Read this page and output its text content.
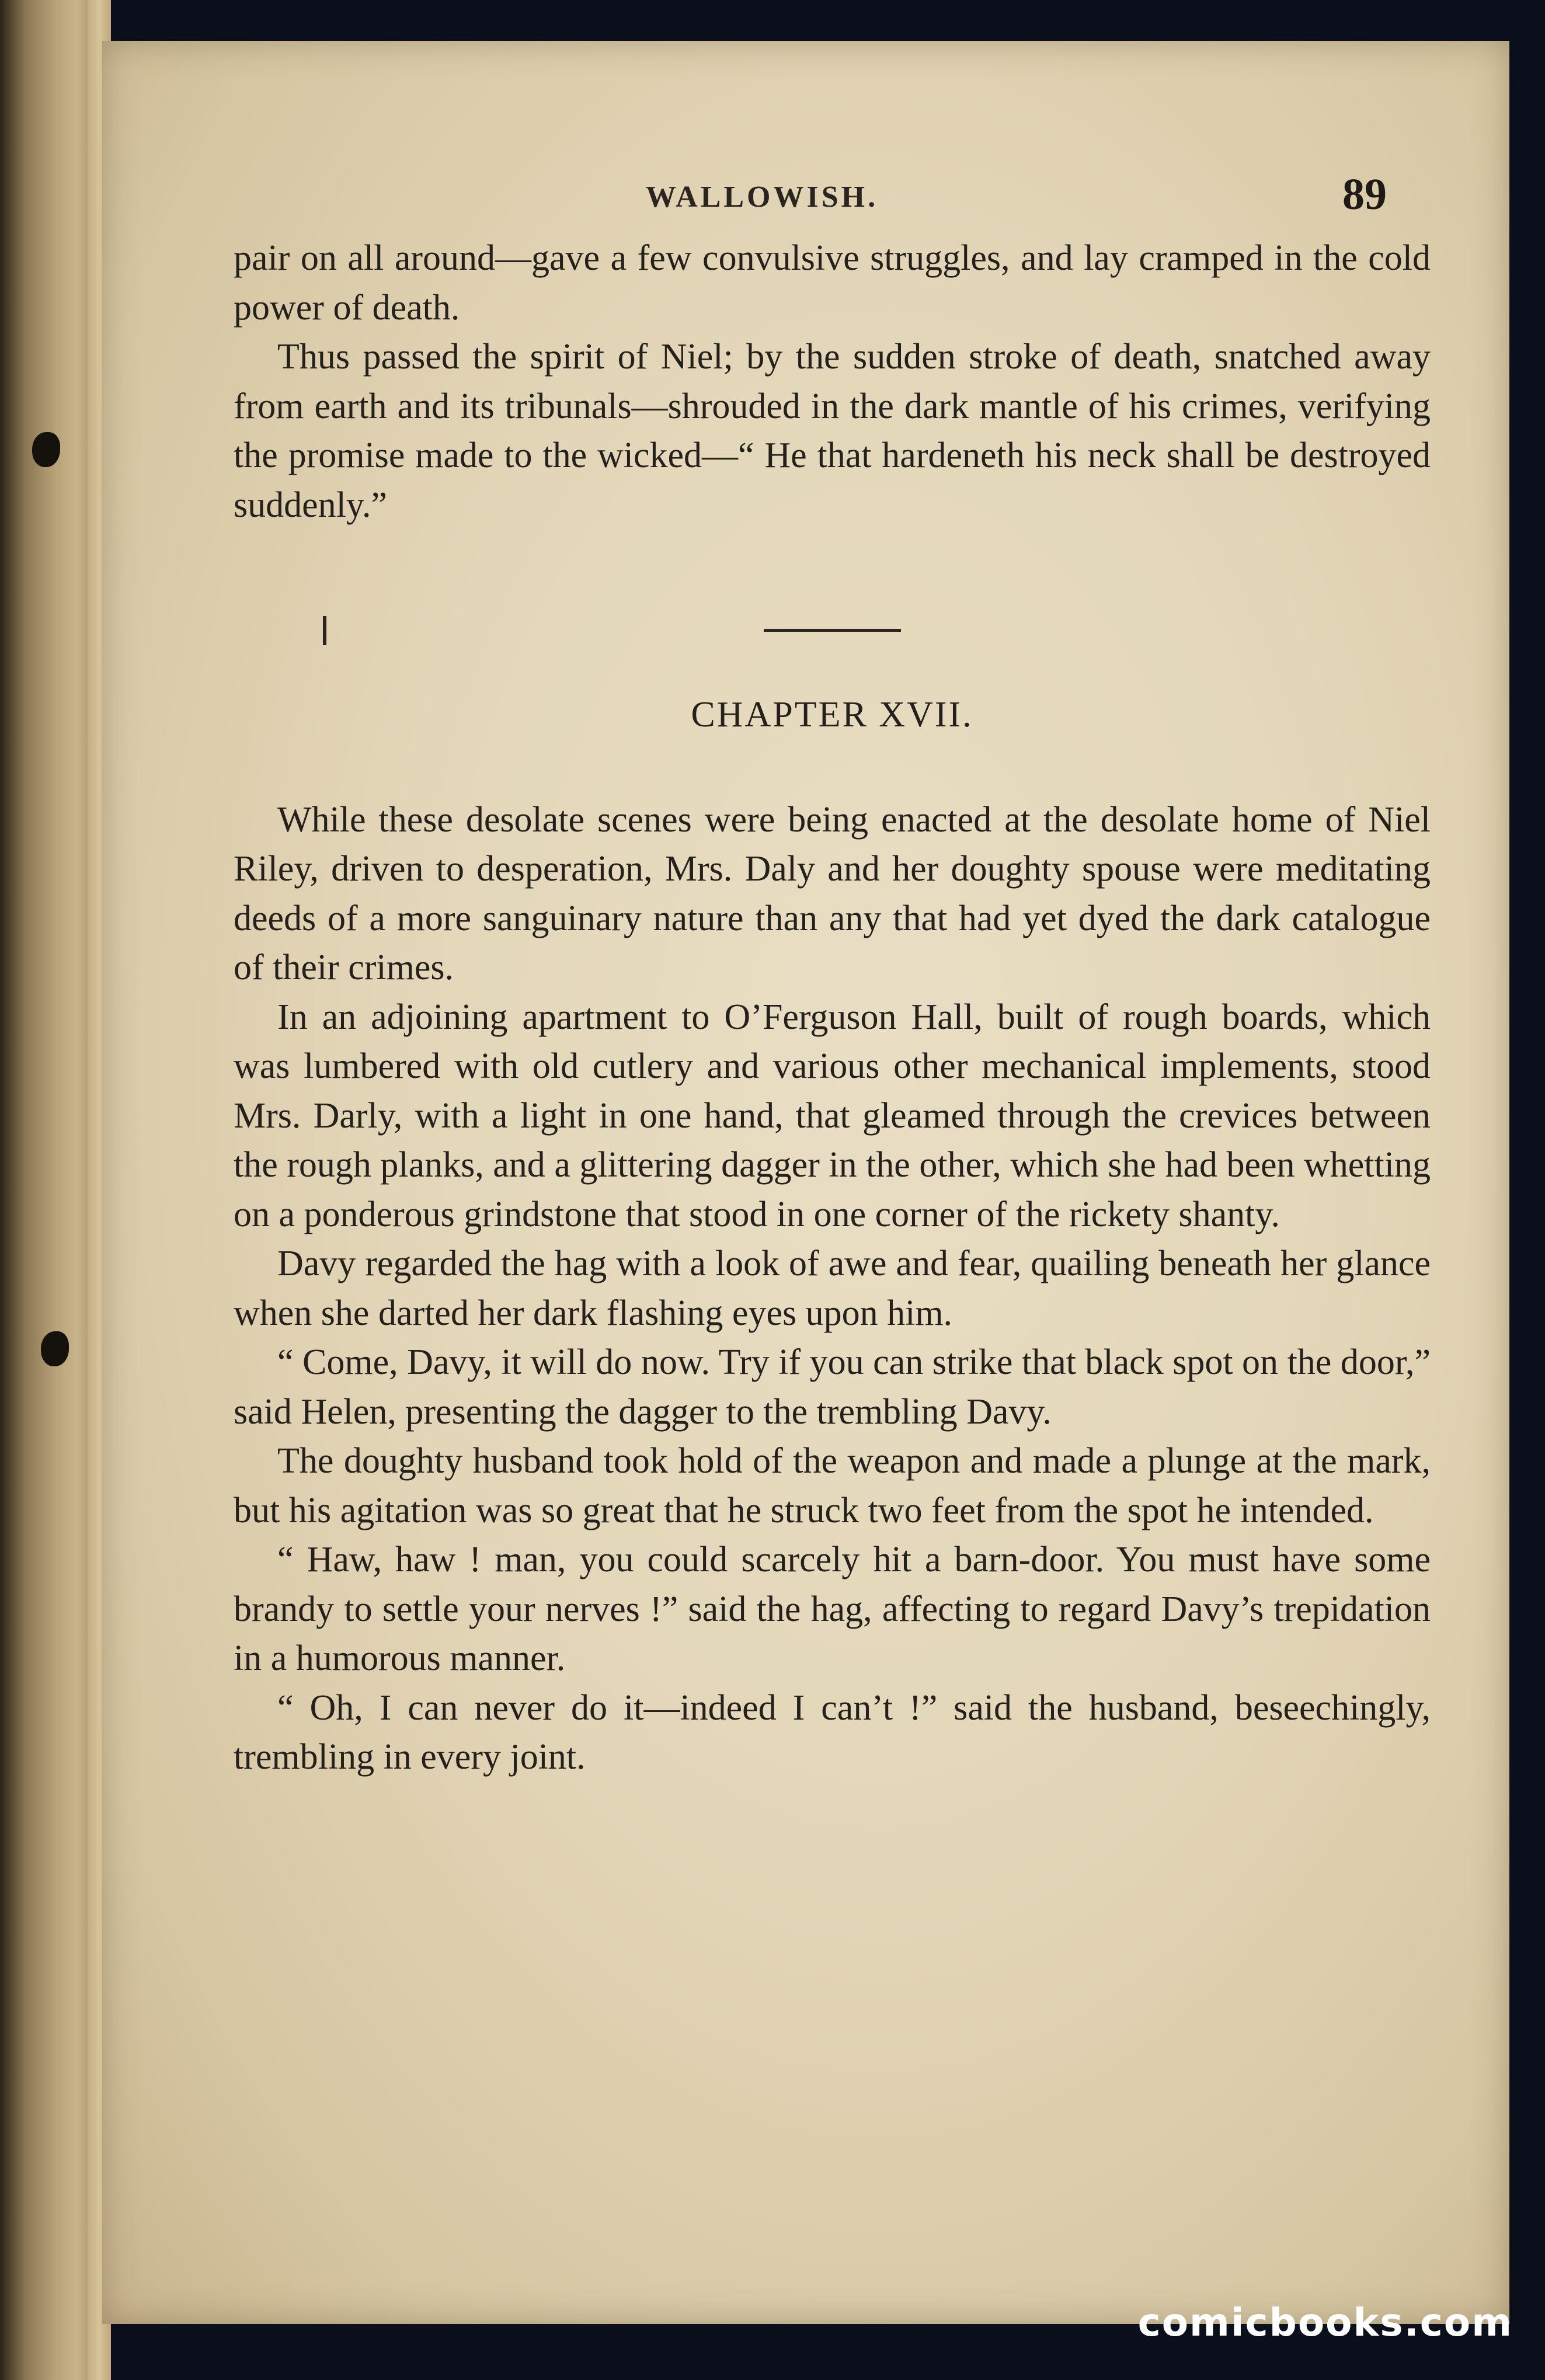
WALLOWISH.	89

pair on all around—gave a few convulsive struggles, and lay cramped in the cold power of death.

Thus passed the spirit of Niel; by the sudden stroke of death, snatched away from earth and its tribunals—shrouded in the dark mantle of his crimes, verifying the promise made to the wicked—“ He that hardeneth his neck shall be destroyed suddenly.”

CHAPTER XVII.

While these desolate scenes were being enacted at the desolate home of Niel Riley, driven to desperation, Mrs. Daly and her doughty spouse were meditating deeds of a more sanguinary nature than any that had yet dyed the dark catalogue of their crimes.

In an adjoining apartment to O’Ferguson Hall, built of rough boards, which was lumbered with old cutlery and various other mechanical implements, stood Mrs. Darly, with a light in one hand, that gleamed through the crevices between the rough planks, and a glittering dagger in the other, which she had been whetting on a ponderous grindstone that stood in one corner of the rickety shanty.

Davy regarded the hag with a look of awe and fear, quailing beneath her glance when she darted her dark flashing eyes upon him.

“ Come, Davy, it will do now. Try if you can strike that black spot on the door,” said Helen, presenting the dagger to the trembling Davy.

The doughty husband took hold of the weapon and made a plunge at the mark, but his agitation was so great that he struck two feet from the spot he intended.

“ Haw, haw ! man, you could scarcely hit a barn-door. You must have some brandy to settle your nerves !” said the hag, affecting to regard Davy’s trepidation in a humorous manner.

“ Oh, I can never do it—indeed I can’t !” said the husband, beseechingly, trembling in every joint.

comicbooks.com
